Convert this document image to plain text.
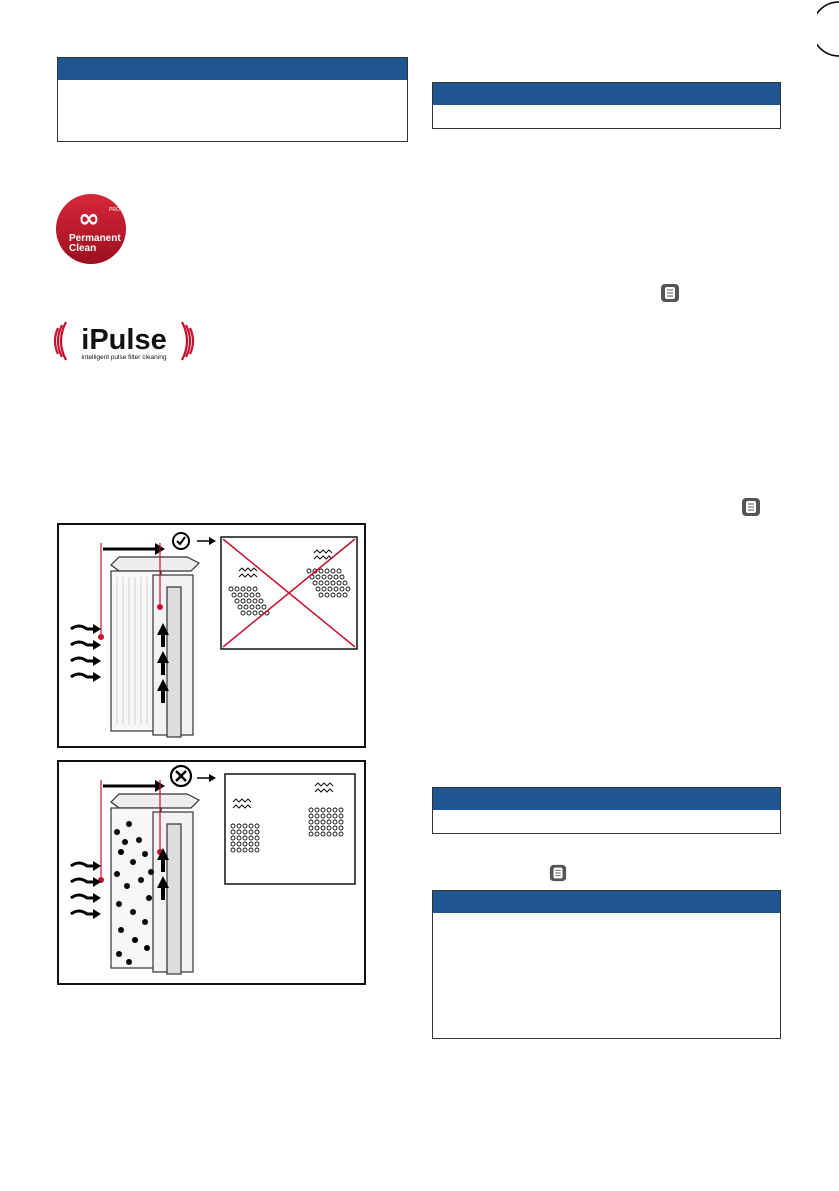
∞ PRO
Permanent
Clean
iPulse
intelligent pulse filter cleaning
